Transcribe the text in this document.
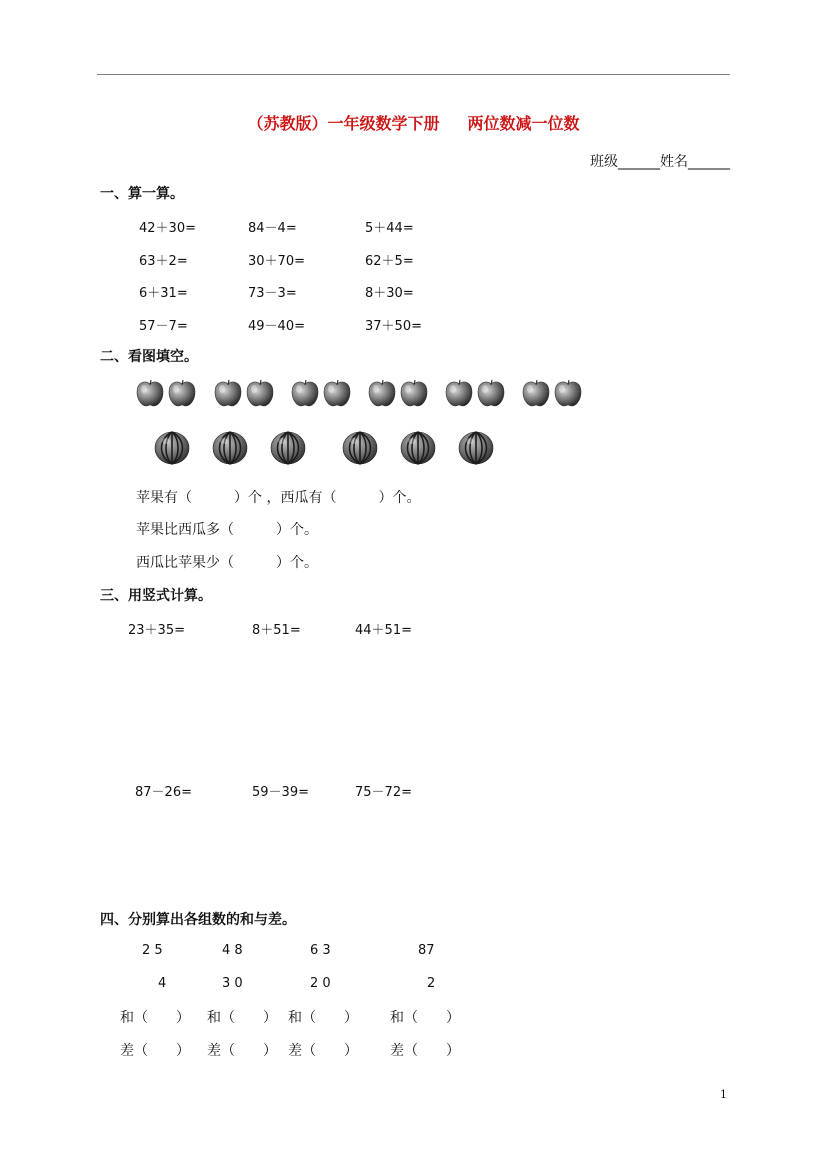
（苏教版）一年级数学下册 两位数减一位数
班级______姓名______
一、算一算。
42＋30=	84－4=	5＋44=
63＋2=	30＋70=	62＋5=
6＋31=	73－3=	8＋30=
57－7=	49－40=	37＋50=
二、看图填空。
苹果有（　　　）个 ，西瓜有（　　　）个。
苹果比西瓜多（　　　）个。
西瓜比苹果少（　　　）个。
三、用竖式计算。
23＋35=	8＋51=	44＋51=
87－26=	59－39=	75－72=
四、分别算出各组数的和与差。
2 5	4 8	6 3	87
4	3 0	2 0	2
和（　　） 和（　　） 和（　　） 和（　　）
差（　　） 差（　　） 差（　　） 差（　　）
1
